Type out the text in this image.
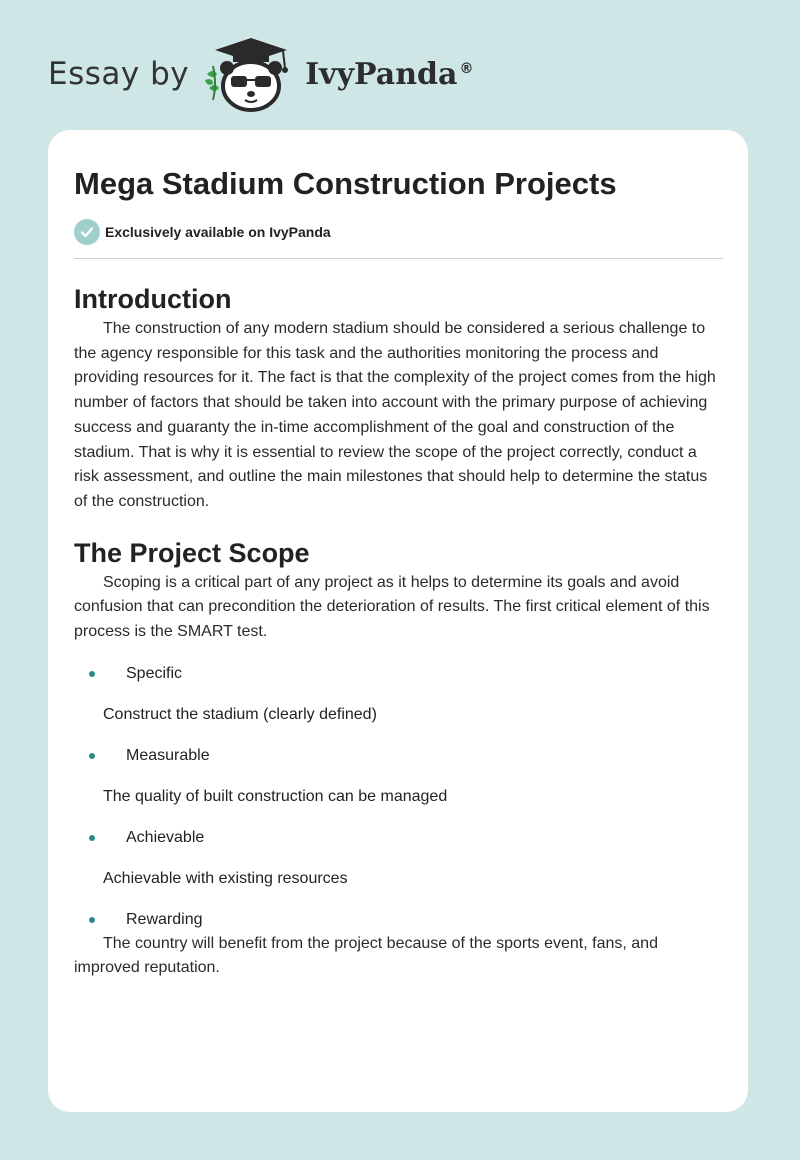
Essay by	IvyPanda ®
Mega Stadium Construction Projects
Exclusively available on IvyPanda
Introduction

The construction of any modern stadium should be considered a serious challenge to the agency responsible for this task and the authorities monitoring the process and providing resources for it. The fact is that the complexity of the project comes from the high number of factors that should be taken into account with the primary purpose of achieving success and guaranty the in-time accomplishment of the goal and construction of the stadium. That is why it is essential to review the scope of the project correctly, conduct a risk assessment, and outline the main milestones that should help to determine the status of the construction.

The Project Scope

Scoping is a critical part of any project as it helps to determine its goals and avoid confusion that can precondition the deterioration of results. The first critical element of this process is the SMART test.

Specific
Construct the stadium (clearly defined)
Measurable
The quality of built construction can be managed
Achievable
Achievable with existing resources
Rewarding

The country will benefit from the project because of the sports event, fans, and improved reputation.
